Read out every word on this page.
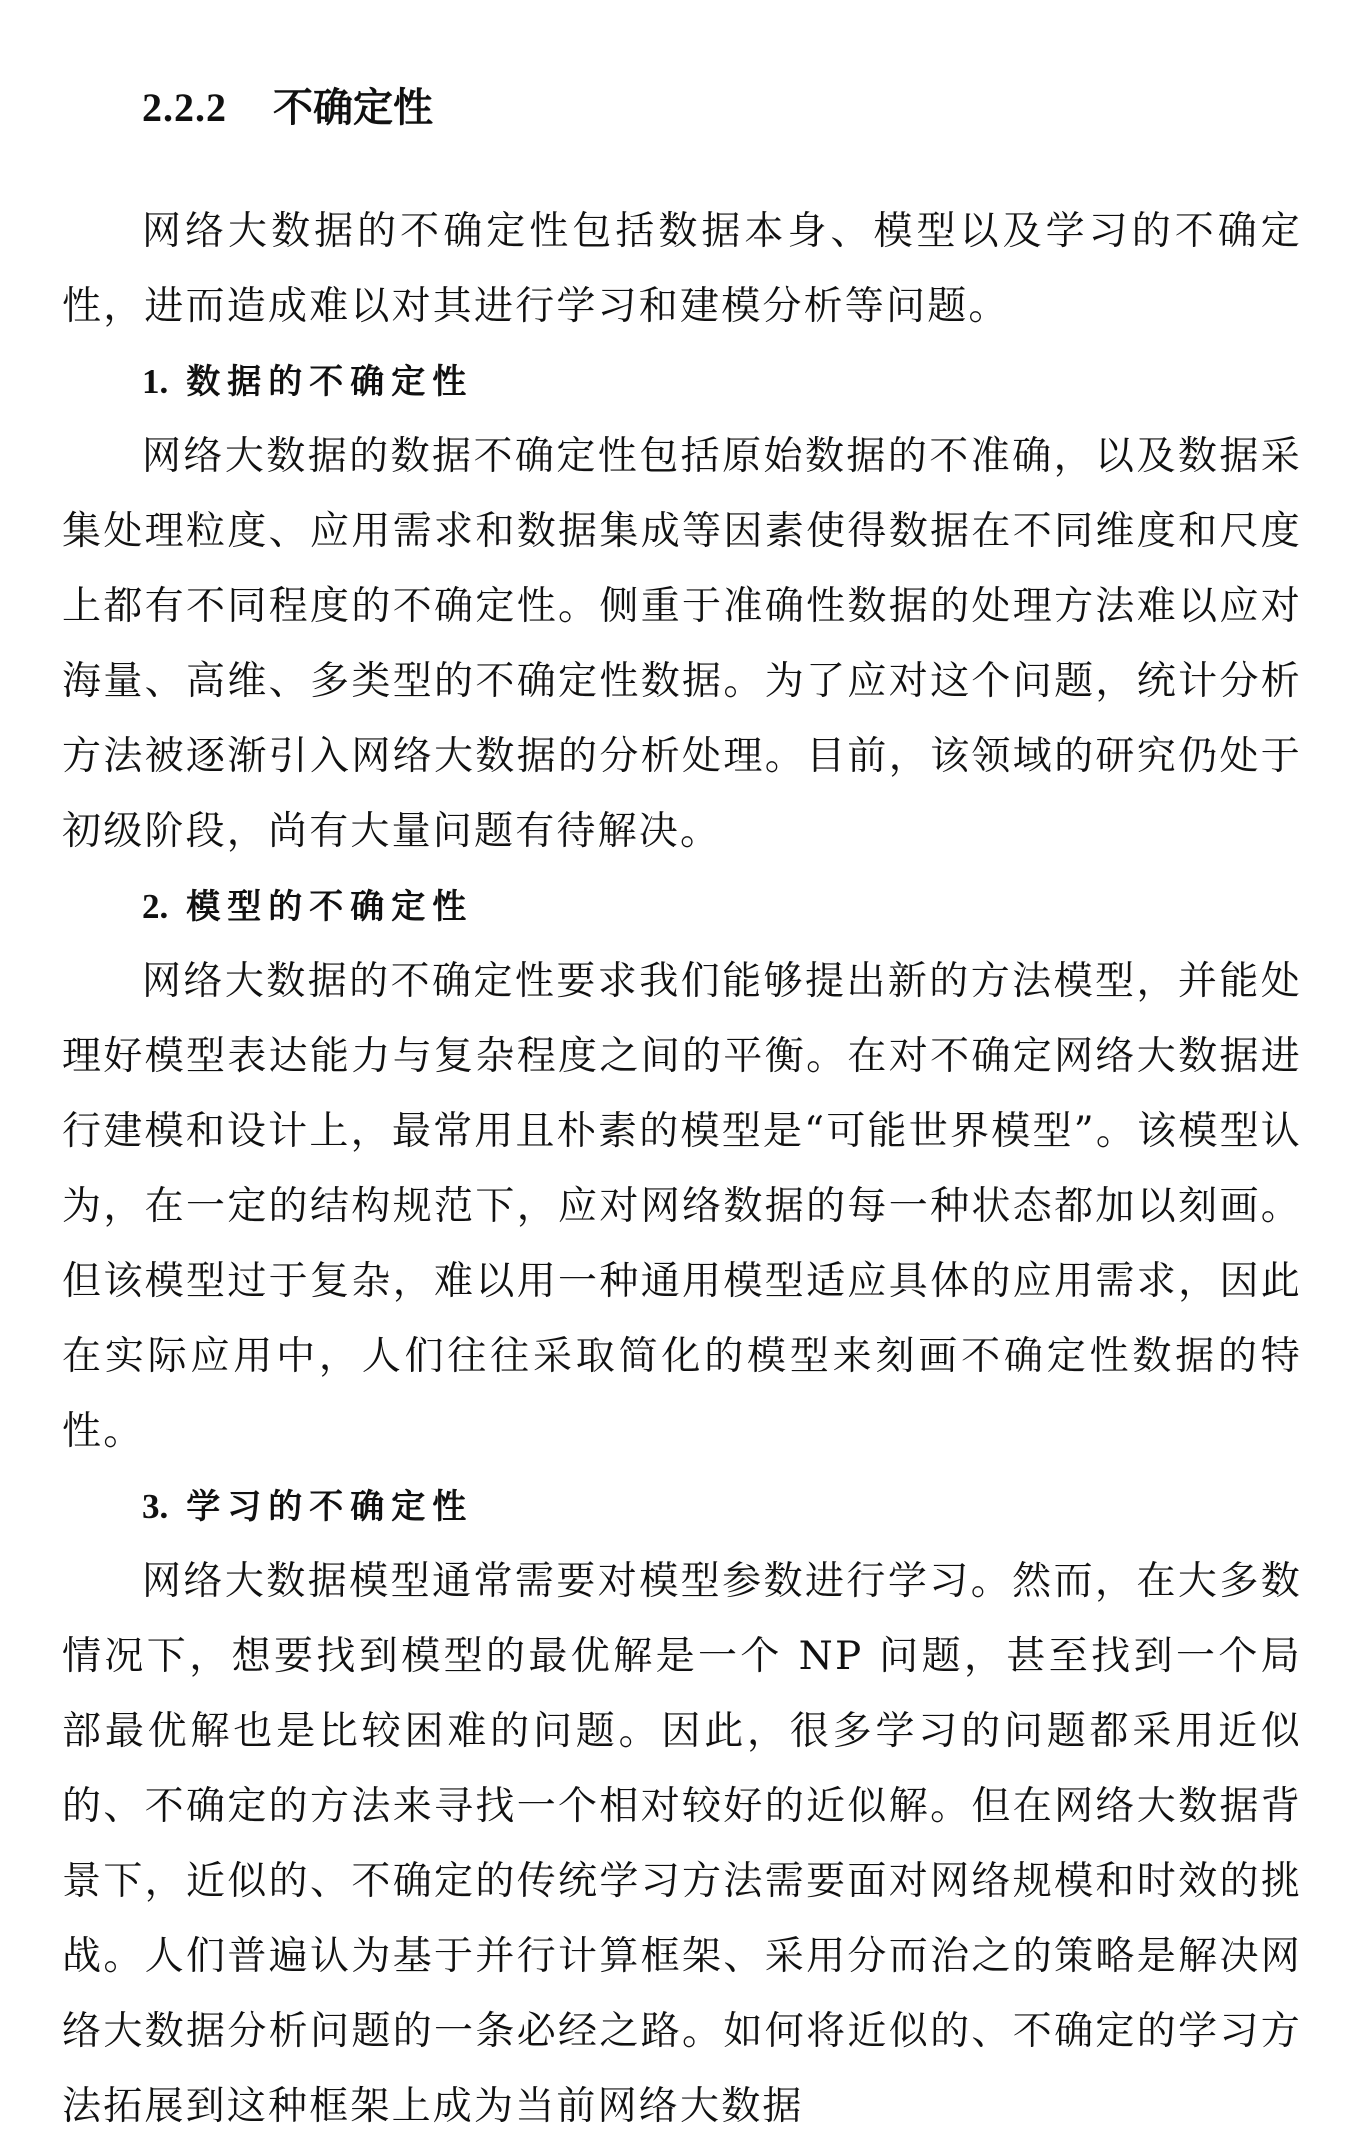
2.2.2 不确定性

网络大数据的不确定性包括数据本身、模型以及学习的不确定性，进而造成难以对其进行学习和建模分析等问题。

1. 数据的不确定性

网络大数据的数据不确定性包括原始数据的不准确，以及数据采集处理粒度、应用需求和数据集成等因素使得数据在不同维度和尺度上都有不同程度的不确定性。侧重于准确性数据的处理方法难以应对海量、高维、多类型的不确定性数据。为了应对这个问题，统计分析方法被逐渐引入网络大数据的分析处理。目前，该领域的研究仍处于初级阶段，尚有大量问题有待解决。

2. 模型的不确定性

网络大数据的不确定性要求我们能够提出新的方法模型，并能处理好模型表达能力与复杂程度之间的平衡。在对不确定网络大数据进行建模和设计上，最常用且朴素的模型是“可能世界模型”。该模型认为，在一定的结构规范下，应对网络数据的每一种状态都加以刻画。但该模型过于复杂，难以用一种通用模型适应具体的应用需求，因此在实际应用中，人们往往采取简化的模型来刻画不确定性数据的特性。

3. 学习的不确定性

网络大数据模型通常需要对模型参数进行学习。然而，在大多数情况下，想要找到模型的最优解是一个 NP 问题，甚至找到一个局部最优解也是比较困难的问题。因此，很多学习的问题都采用近似的、不确定的方法来寻找一个相对较好的近似解。但在网络大数据背景下，近似的、不确定的传统学习方法需要面对网络规模和时效的挑战。人们普遍认为基于并行计算框架、采用分而治之的策略是解决网络大数据分析问题的一条必经之路。如何将近似的、不确定的学习方法拓展到这种框架上成为当前网络大数据
